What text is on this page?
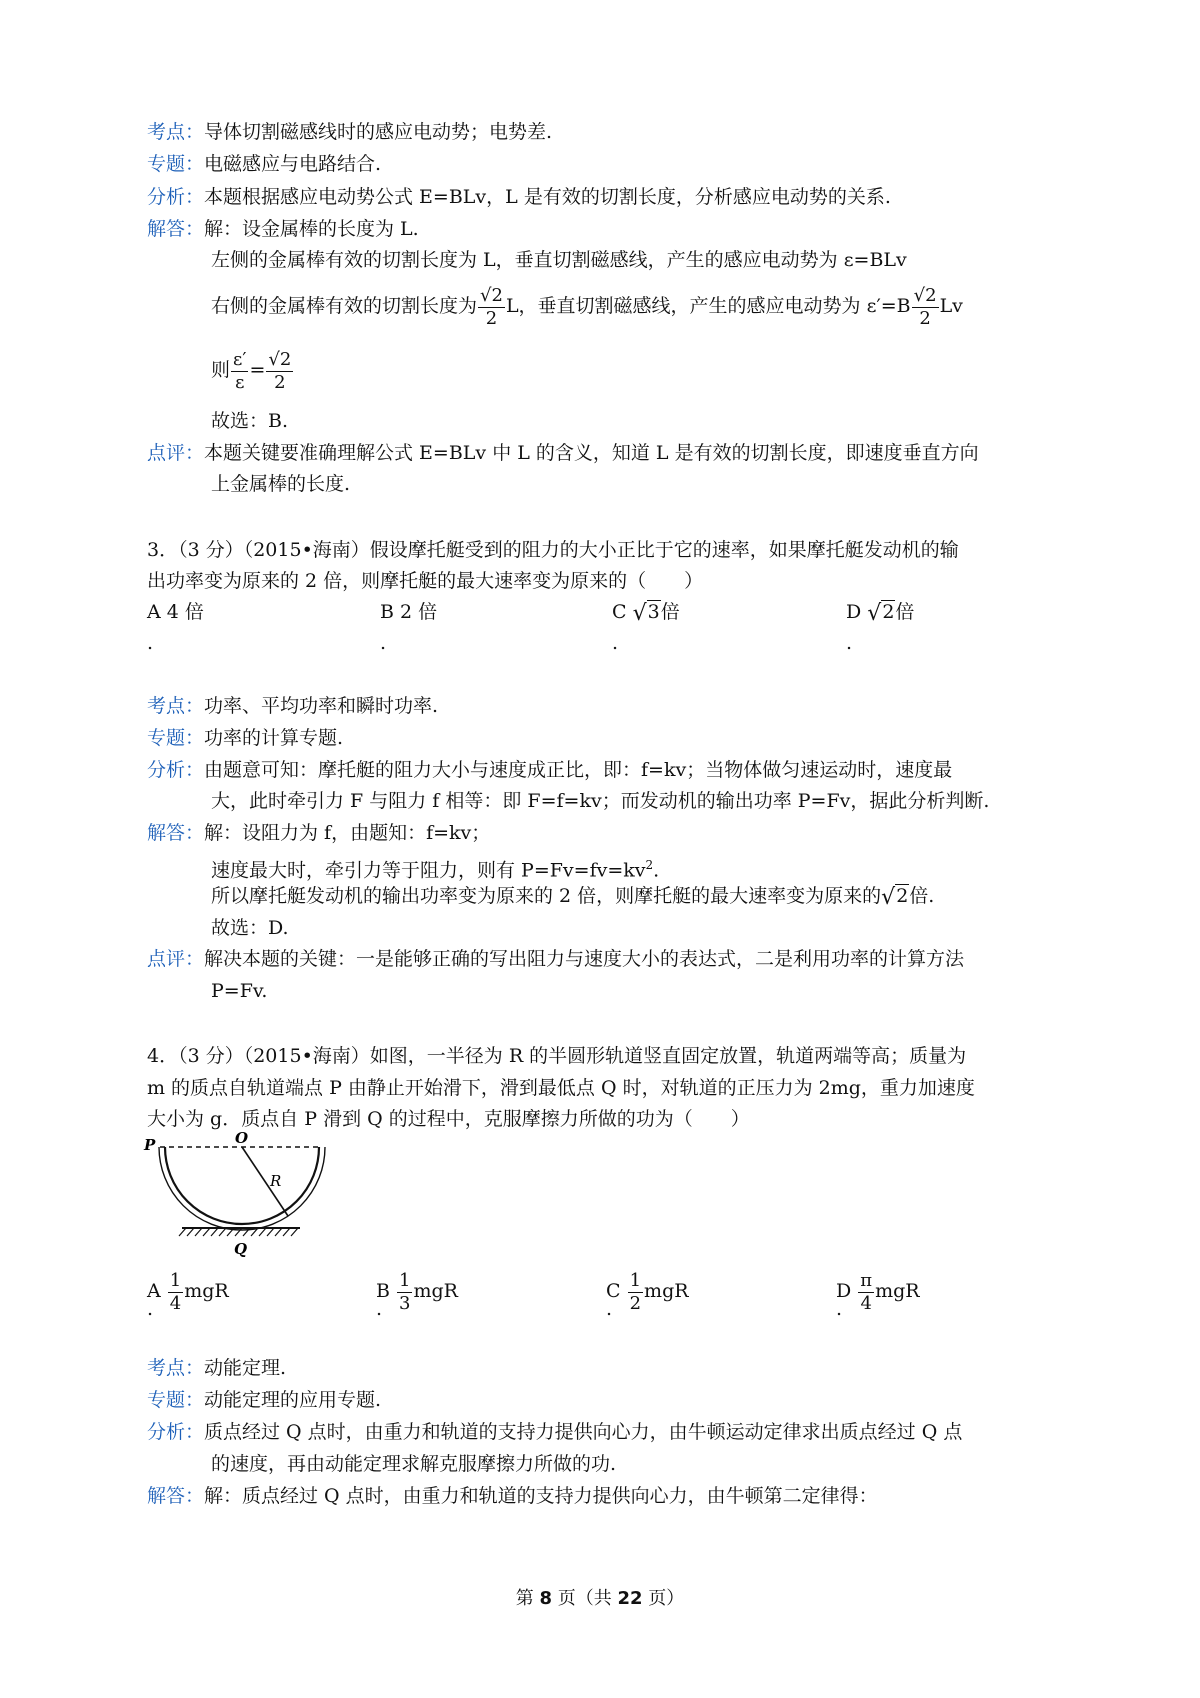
考点：导体切割磁感线时的感应电动势；电势差.
专题：电磁感应与电路结合.
分析：本题根据感应电动势公式 E=BLv，L 是有效的切割长度，分析感应电动势的关系.
解答：解：设金属棒的长度为 L.
左侧的金属棒有效的切割长度为 L，垂直切割磁感线，产生的感应电动势为 ε=BLv
右侧的金属棒有效的切割长度为 $\frac{√2}{2}$ L，垂直切割磁感线，产生的感应电动势为 $\varepsilon'=B \frac{√2}{2}$ Lv
则 $\frac{\varepsilon'}{\varepsilon} = \frac{√2}{2}$
故选：B.
点评：本题关键要准确理解公式 E=BLv 中 L 的含义，知道 L 是有效的切割长度，即速度垂直方向
上金属棒的长度.
3．（3 分）（2015•海南）假设摩托艇受到的阻力的大小正比于它的速率，如果摩托艇发动机的输
出功率变为原来的 2 倍，则摩托艇的最大速率变为原来的（　　）
A 4 倍	B 2 倍	C √3倍	D √2倍
.	.	.	.
考点：功率、平均功率和瞬时功率.
专题：功率的计算专题.
分析：由题意可知：摩托艇的阻力大小与速度成正比，即：f=kv；当物体做匀速运动时，速度最
大，此时牵引力 F 与阻力 f 相等：即 F=f=kv；而发动机的输出功率 P=Fv，据此分析判断.
解答：解：设阻力为 f，由题知：f=kv；
速度最大时，牵引力等于阻力，则有 $P=Fv=fv=kv^2$.
所以摩托艇发动机的输出功率变为原来的 2 倍，则摩托艇的最大速率变为原来的√2倍.
故选：D.
点评：解决本题的关键：一是能够正确的写出阻力与速度大小的表达式，二是利用功率的计算方法
P=Fv.
4．（3 分）（2015•海南）如图，一半径为 R 的半圆形轨道竖直固定放置，轨道两端等高；质量为
m 的质点自轨道端点 P 由静止开始滑下，滑到最低点 Q 时，对轨道的正压力为 2mg，重力加速度
大小为 g．质点自 P 滑到 Q 的过程中，克服摩擦力所做的功为（　　）
P	O
R
Q
A $\frac{1}{4}$ mgR	B $\frac{1}{3}$ mgR	C $\frac{1}{2}$ mgR	D $\frac{\pi}{4}$ mgR
.	.	.	.
考点：动能定理.
专题：动能定理的应用专题.
分析：质点经过 Q 点时，由重力和轨道的支持力提供向心力，由牛顿运动定律求出质点经过 Q 点
的速度，再由动能定理求解克服摩擦力所做的功.
解答：解：质点经过 Q 点时，由重力和轨道的支持力提供向心力，由牛顿第二定律得：
第 8 页（共 22 页）
